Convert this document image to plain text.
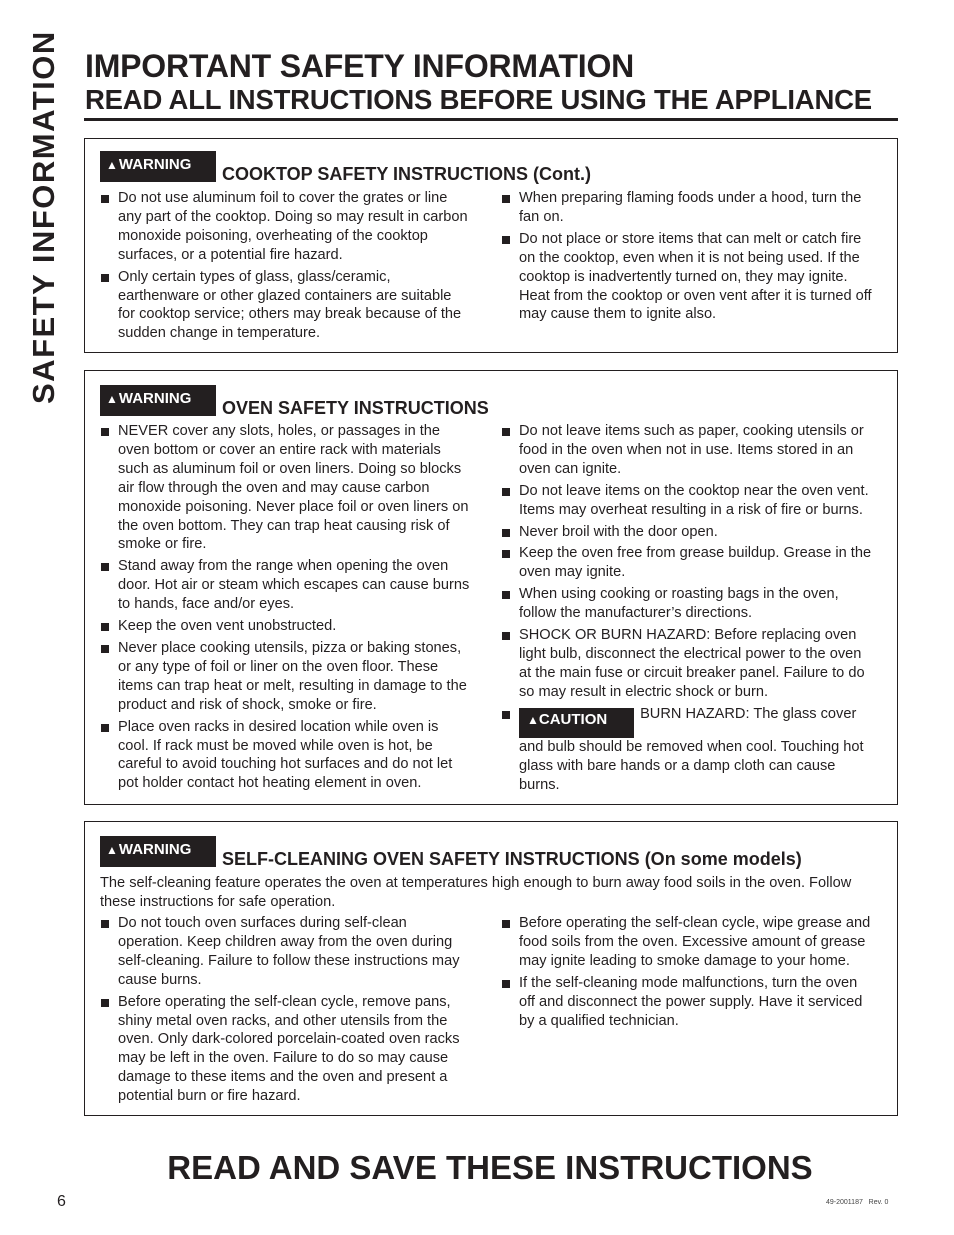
SAFETY INFORMATION IMPORTANT SAFETY INFORMATION
READ ALL INSTRUCTIONS BEFORE USING THE APPLIANCE
▲WARNING	COOKTOP SAFETY INSTRUCTIONS (Cont.)
Do not use aluminum foil to cover the grates or line any part of the cooktop. Doing so may result in carbon monoxide poisoning, overheating of the cooktop surfaces, or a potential fire hazard.
Only certain types of glass, glass/ceramic, earthenware or other glazed containers are suitable for cooktop service; others may break because of the sudden change in temperature.
When preparing flaming foods under a hood, turn the fan on.
Do not place or store items that can melt or catch fire on the cooktop, even when it is not being used. If the cooktop is inadvertently turned on, they may ignite. Heat from the cooktop or oven vent after it is turned off may cause them to ignite also.
▲WARNING	OVEN SAFETY INSTRUCTIONS
NEVER cover any slots, holes, or passages in the oven bottom or cover an entire rack with materials such as aluminum foil or oven liners. Doing so blocks air flow through the oven and may cause carbon monoxide poisoning. Never place foil or oven liners on the oven bottom. They can trap heat causing risk of smoke or fire.
Stand away from the range when opening the oven door. Hot air or steam which escapes can cause burns to hands, face and/or eyes.
Keep the oven vent unobstructed.
Never place cooking utensils, pizza or baking stones, or any type of foil or liner on the oven floor. These items can trap heat or melt, resulting in damage to the product and risk of shock, smoke or fire.
Place oven racks in desired location while oven is cool. If rack must be moved while oven is hot, be careful to avoid touching hot surfaces and do not let pot holder contact hot heating element in oven.
Do not leave items such as paper, cooking utensils or food in the oven when not in use. Items stored in an oven can ignite.
Do not leave items on the cooktop near the oven vent. Items may overheat resulting in a risk of fire or burns.
Never broil with the door open.
Keep the oven free from grease buildup. Grease in the oven may ignite.
When using cooking or roasting bags in the oven, follow the manufacturer’s directions.
SHOCK OR BURN HAZARD: Before replacing oven light bulb, disconnect the electrical power to the oven at the main fuse or circuit breaker panel. Failure to do so may result in electric shock or burn.
▲CAUTION BURN HAZARD: The glass cover and bulb should be removed when cool. Touching hot glass with bare hands or a damp cloth can cause burns.
▲WARNING	SELF-CLEANING OVEN SAFETY INSTRUCTIONS (On some models)
The self-cleaning feature operates the oven at temperatures high enough to burn away food soils in the oven. Follow these instructions for safe operation.
Do not touch oven surfaces during self-clean operation. Keep children away from the oven during self-cleaning. Failure to follow these instructions may cause burns.
Before operating the self-clean cycle, remove pans, shiny metal oven racks, and other utensils from the oven. Only dark-colored porcelain-coated oven racks may be left in the oven. Failure to do so may cause damage to these items and the oven and present a potential burn or fire hazard.
Before operating the self-clean cycle, wipe grease and food soils from the oven. Excessive amount of grease may ignite leading to smoke damage to your home.
If the self-cleaning mode malfunctions, turn the oven off and disconnect the power supply. Have it serviced by a qualified technician.
READ AND SAVE THESE INSTRUCTIONS
6	49-2001187   Rev. 0
